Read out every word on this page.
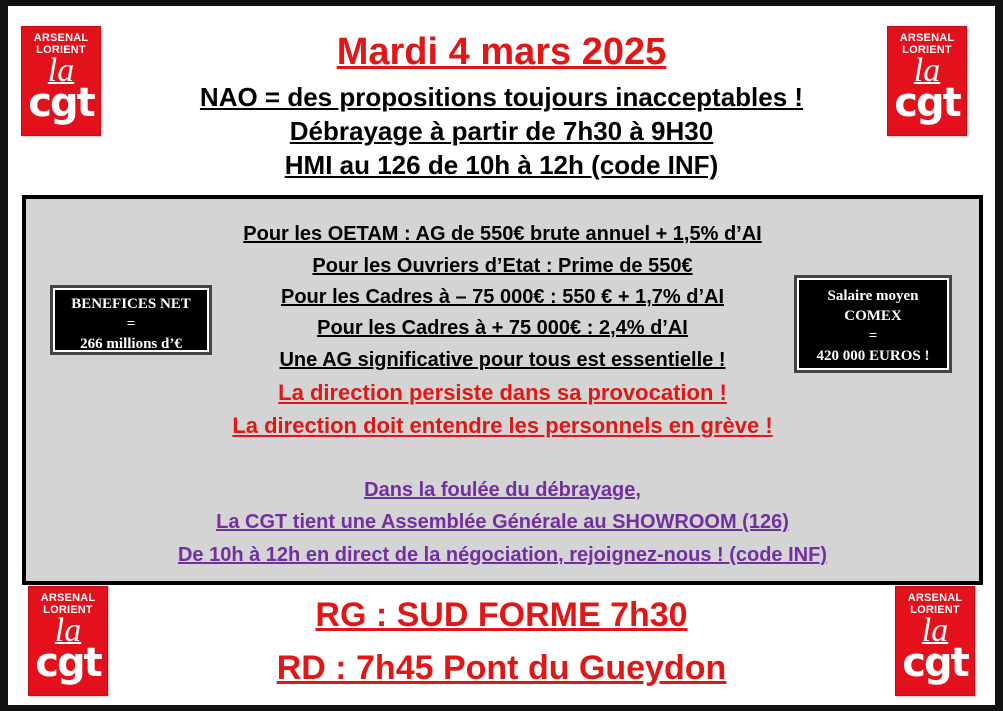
ARSENAL
LORIENT
la
cgt
ARSENAL
LORIENT
la
cgt
Mardi 4 mars 2025
NAO = des propositions toujours inacceptables !
Débrayage à partir de 7h30 à 9H30
HMI au 126 de 10h à 12h (code INF)
BENEFICES NET
=
266 millions d’€
Salaire moyen
COMEX
=
420 000 EUROS !
Pour les OETAM : AG de 550€ brute annuel + 1,5% d’AI
Pour les Ouvriers d’Etat : Prime de 550€
Pour les Cadres à – 75 000€ : 550 € + 1,7% d’AI
Pour les Cadres à + 75 000€ : 2,4% d’AI
Une AG significative pour tous est essentielle !
La direction persiste dans sa provocation !
La direction doit entendre les personnels en grève !
Dans la foulée du débrayage,
La CGT tient une Assemblée Générale au SHOWROOM (126)
De 10h à 12h en direct de la négociation, rejoignez-nous ! (code INF)
ARSENAL
LORIENT
la
cgt
ARSENAL
LORIENT
la
cgt
RG : SUD FORME 7h30
RD : 7h45 Pont du Gueydon
